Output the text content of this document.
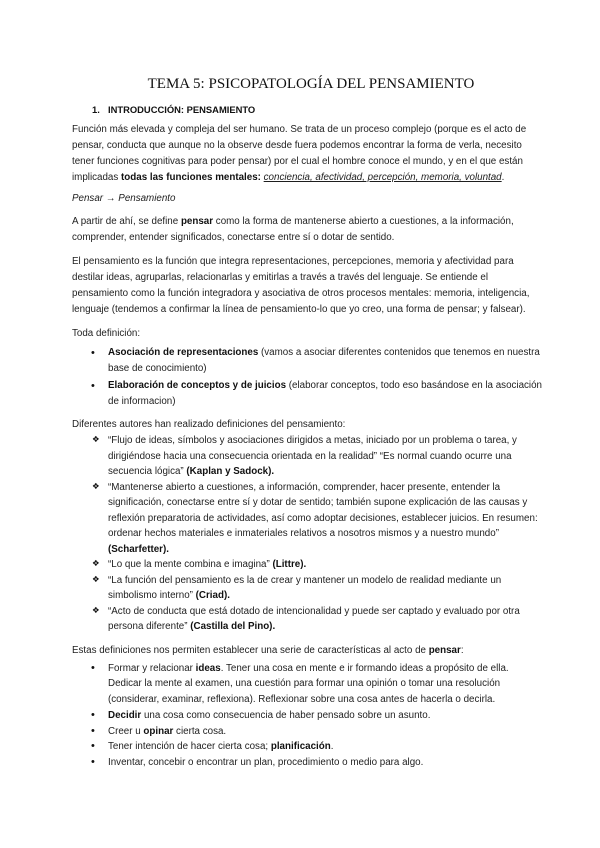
TEMA 5: PSICOPATOLOGÍA DEL PENSAMIENTO
1. INTRODUCCIÓN: PENSAMIENTO

Función más elevada y compleja del ser humano. Se trata de un proceso complejo (porque es el acto de pensar, conducta que aunque no la observe desde fuera podemos encontrar la forma de verla, necesito tener funciones cognitivas para poder pensar) por el cual el hombre conoce el mundo, y en el que están implicadas todas las funciones mentales: conciencia, afectividad, percepción, memoria, voluntad.

Pensar → Pensamiento

A partir de ahí, se define pensar como la forma de mantenerse abierto a cuestiones, a la información, comprender, entender significados, conectarse entre sí o dotar de sentido.

El pensamiento es la función que integra representaciones, percepciones, memoria y afectividad para destilar ideas, agruparlas, relacionarlas y emitirlas a través a través del lenguaje. Se entiende el pensamiento como la función integradora y asociativa de otros procesos mentales: memoria, inteligencia, lenguaje (tendemos a confirmar la línea de pensamiento-lo que yo creo, una forma de pensar; y falsear).

Toda definición:

• Asociación de representaciones (vamos a asociar diferentes contenidos que tenemos en nuestra base de conocimiento)
• Elaboración de conceptos y de juicios (elaborar conceptos, todo eso basándose en la asociación de informacion)

Diferentes autores han realizado definiciones del pensamiento:

❖ “Flujo de ideas, símbolos y asociaciones dirigidos a metas, iniciado por un problema o tarea, y dirigiéndose hacia una consecuencia orientada en la realidad” “Es normal cuando ocurre una secuencia lógica” (Kaplan y Sadock).
❖ “Mantenerse abierto a cuestiones, a información, comprender, hacer presente, entender la significación, conectarse entre sí y dotar de sentido; también supone explicación de las causas y reflexión preparatoria de actividades, así como adoptar decisiones, establecer juicios. En resumen: ordenar hechos materiales e inmateriales relativos a nosotros mismos y a nuestro mundo” (Scharfetter).
❖ “Lo que la mente combina e imagina” (Littre).
❖ “La función del pensamiento es la de crear y mantener un modelo de realidad mediante un simbolismo interno” (Criad).
❖ “Acto de conducta que está dotado de intencionalidad y puede ser captado y evaluado por otra persona diferente” (Castilla del Pino).

Estas definiciones nos permiten establecer una serie de características al acto de pensar:

• Formar y relacionar ideas. Tener una cosa en mente e ir formando ideas a propósito de ella. Dedicar la mente al examen, una cuestión para formar una opinión o tomar una resolución (considerar, examinar, reflexiona). Reflexionar sobre una cosa antes de hacerla o decirla.
• Decidir una cosa como consecuencia de haber pensado sobre un asunto.
• Creer u opinar cierta cosa.
• Tener intención de hacer cierta cosa; planificación.
• Inventar, concebir o encontrar un plan, procedimiento o medio para algo.
